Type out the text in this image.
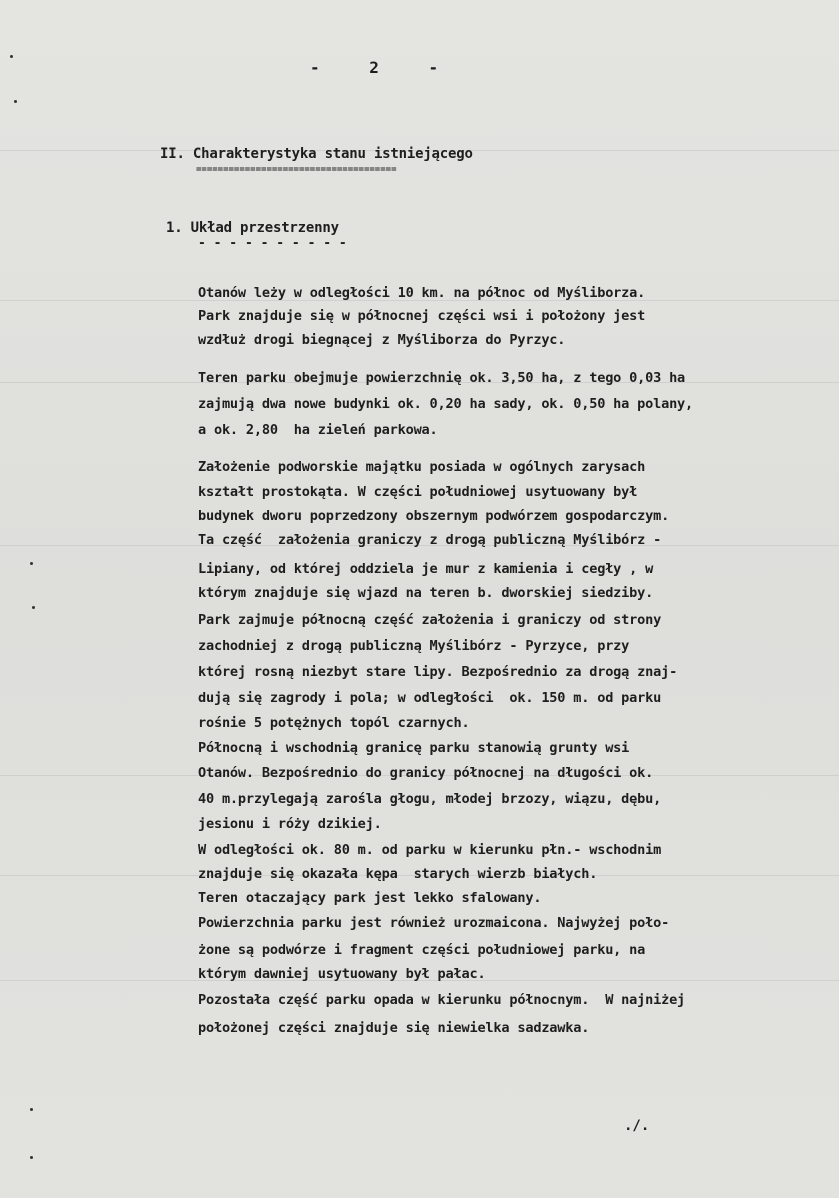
- 2 -
II. Charakterystyka stanu istniejącego
=====================================
1. Układ przestrzenny
- - - - - - - - - -
Otanów leży w odległości 10 km. na północ od Myśliborza.
Park znajduje się w północnej części wsi i położony jest
wzdłuż drogi biegnącej z Myśliborza do Pyrzyc.
Teren parku obejmuje powierzchnię ok. 3,50 ha, z tego 0,03 ha
zajmują dwa nowe budynki ok. 0,20 ha sady, ok. 0,50 ha polany,
a ok. 2,80  ha zieleń parkowa.
Założenie podworskie majątku posiada w ogólnych zarysach
kształt prostokąta. W części południowej usytuowany był
budynek dworu poprzedzony obszernym podwórzem gospodarczym.
Ta część  założenia graniczy z drogą publiczną Myślibórz -
Lipiany, od której oddziela je mur z kamienia i cegły , w
którym znajduje się wjazd na teren b. dworskiej siedziby.
Park zajmuje północną część założenia i graniczy od strony
zachodniej z drogą publiczną Myślibórz - Pyrzyce, przy
której rosną niezbyt stare lipy. Bezpośrednio za drogą znaj-
dują się zagrody i pola; w odległości  ok. 150 m. od parku
rośnie 5 potężnych topól czarnych.
Północną i wschodnią granicę parku stanowią grunty wsi
Otanów. Bezpośrednio do granicy północnej na długości ok.
40 m.przylegają zarośla głogu, młodej brzozy, wiązu, dębu,
jesionu i róży dzikiej.
W odległości ok. 80 m. od parku w kierunku płn.- wschodnim
znajduje się okazała kępa  starych wierzb białych.
Teren otaczający park jest lekko sfalowany.
Powierzchnia parku jest również urozmaicona. Najwyżej poło-
żone są podwórze i fragment części południowej parku, na
którym dawniej usytuowany był pałac.
Pozostała część parku opada w kierunku północnym.  W najniżej
położonej części znajduje się niewielka sadzawka.
./.
